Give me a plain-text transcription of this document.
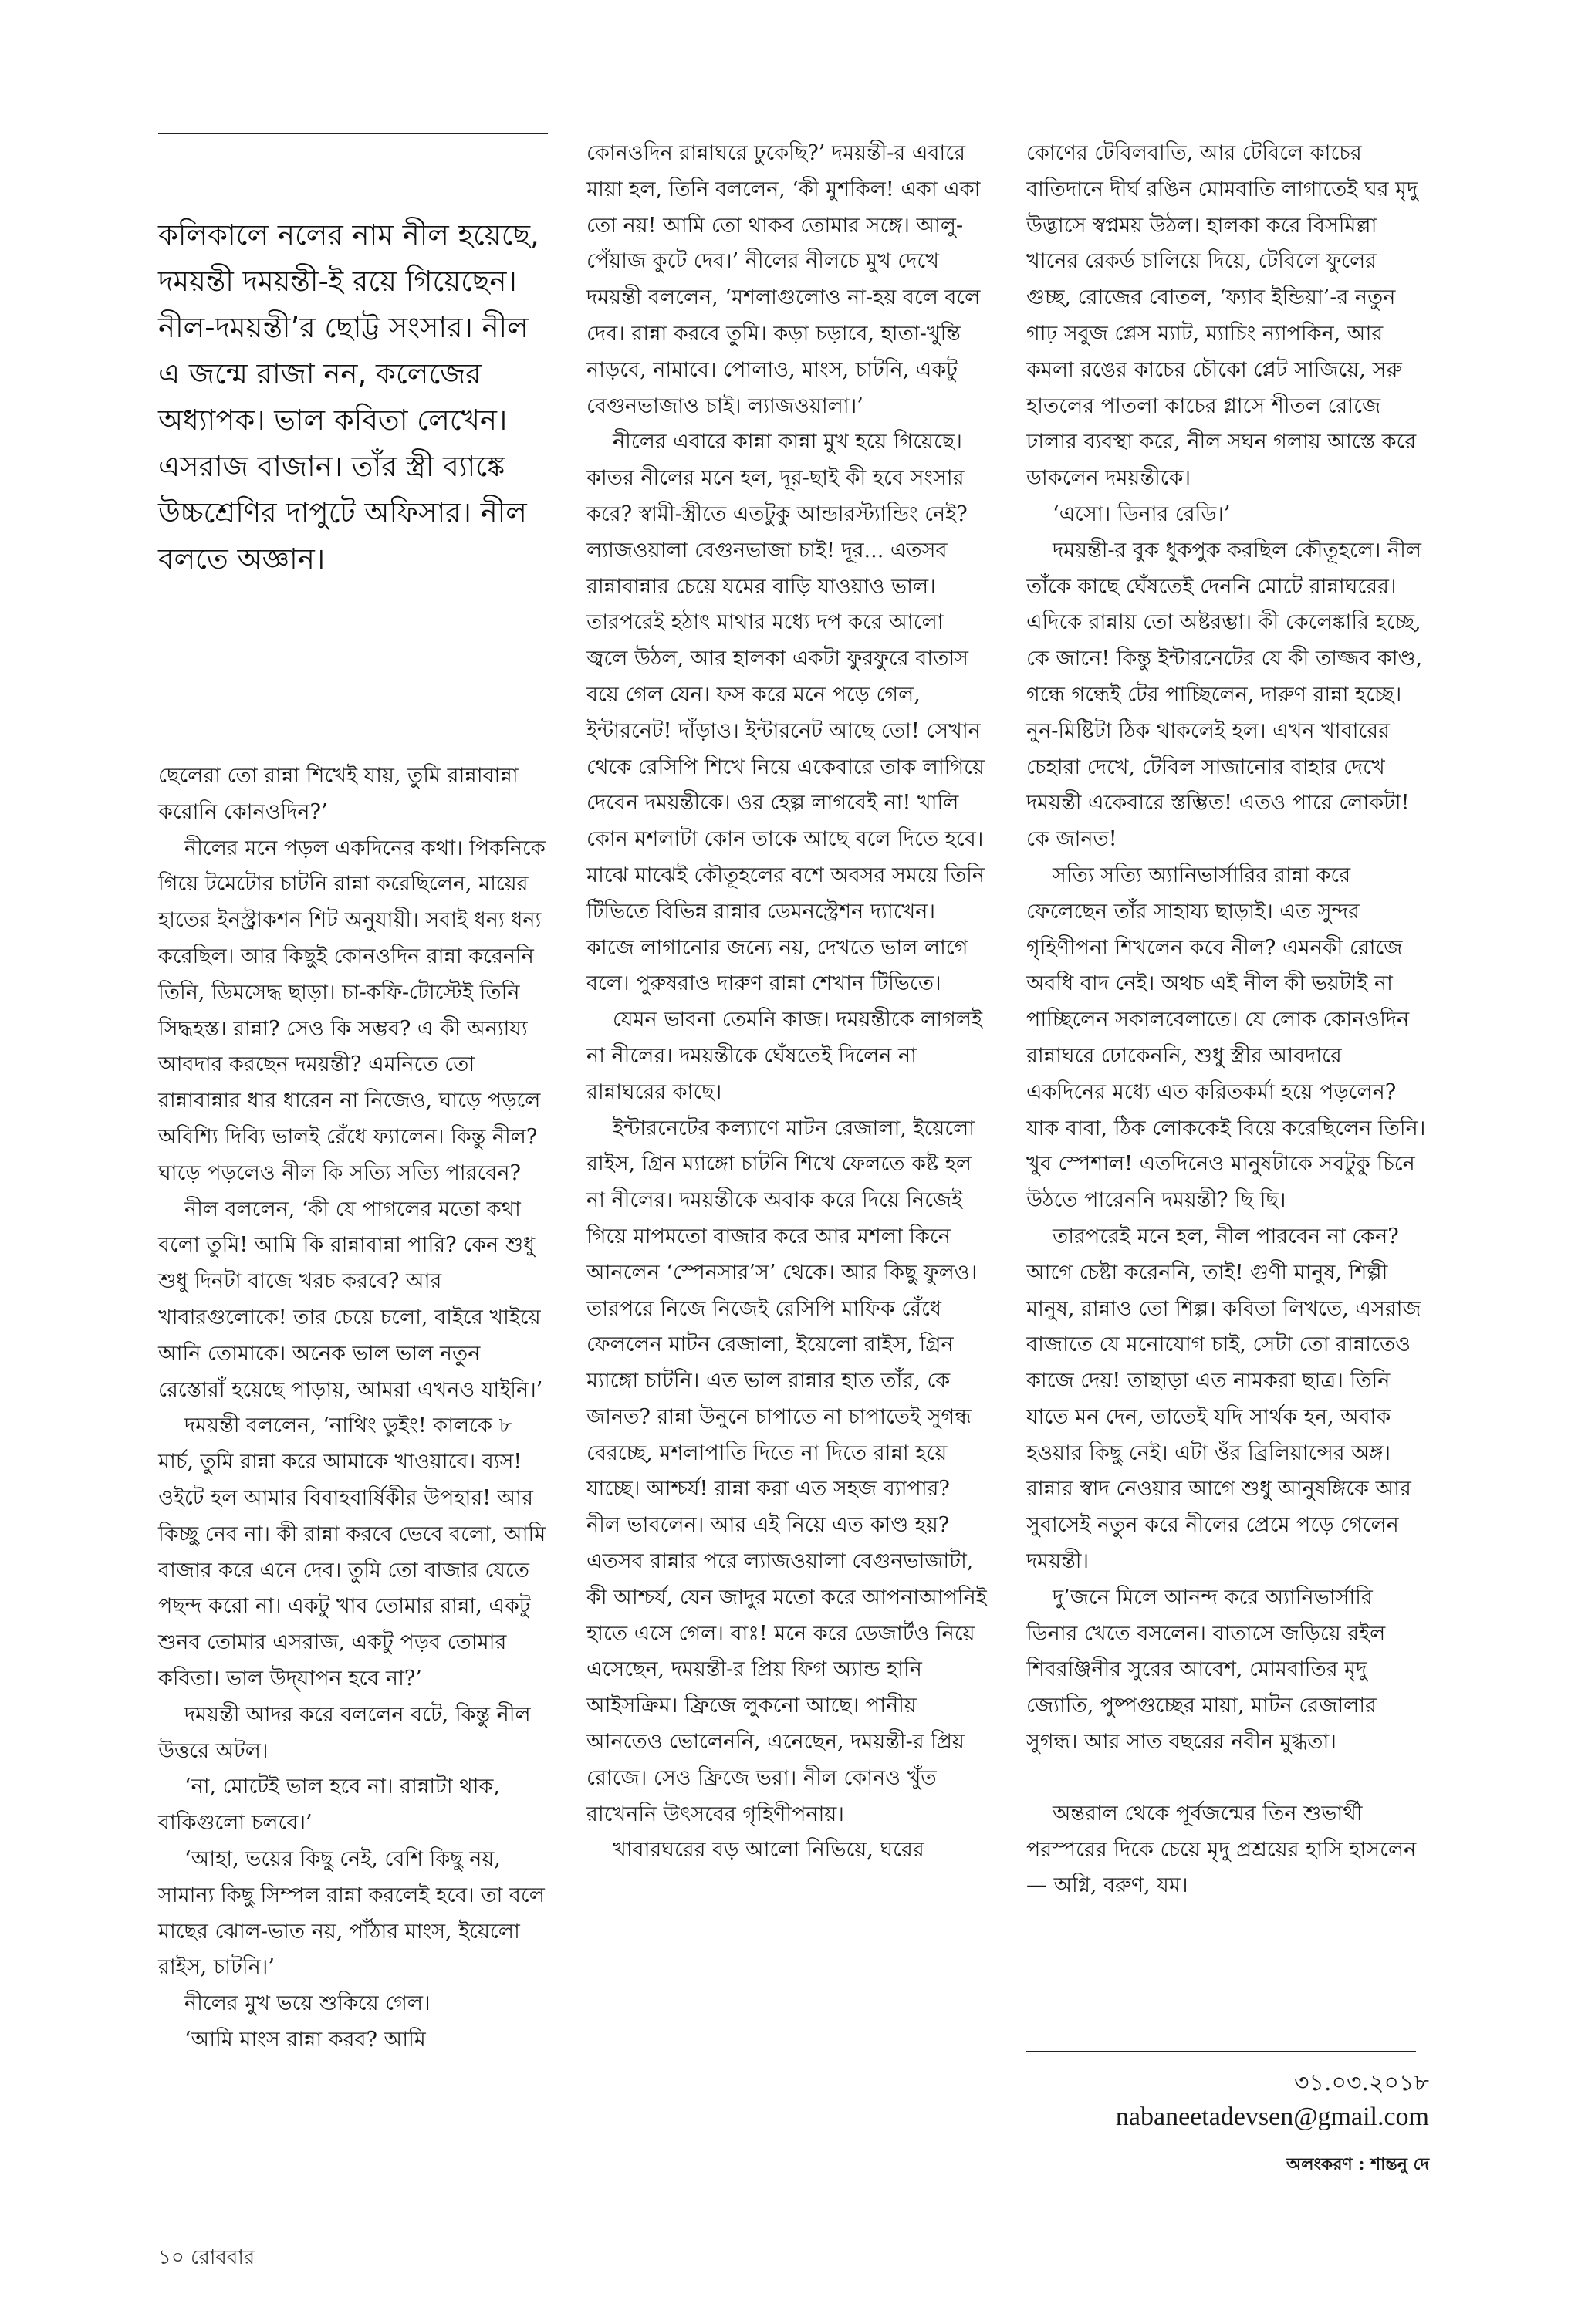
কলিকালে নলের নাম নীল হয়েছে, দময়ন্তী দময়ন্তী-ই রয়ে গিয়েছেন। নীল-দময়ন্তী’র ছোট্ট সংসার। নীল এ জন্মে রাজা নন, কলেজের অধ্যাপক। ভাল কবিতা লেখেন। এসরাজ বাজান। তাঁর স্ত্রী ব্যাঙ্কে উচ্চশ্রেণির দাপুটে অফিসার। নীল বলতে অজ্ঞান।

ছেলেরা তো রান্না শিখেই যায়, তুমি রান্নাবান্না করোনি কোনওদিন?’

নীলের মনে পড়ল একদিনের কথা। পিকনিকে গিয়ে টমেটোর চাটনি রান্না করেছিলেন, মায়ের হাতের ইনস্ট্রাকশন শিট অনুযায়ী। সবাই ধন্য ধন্য করেছিল। আর কিছুই কোনওদিন রান্না করেননি তিনি, ডিমসেদ্ধ ছাড়া। চা-কফি-টোস্টেই তিনি সিদ্ধহস্ত। রান্না? সেও কি সম্ভব? এ কী অন্যায্য আবদার করছেন দময়ন্তী? এমনিতে তো রান্নাবান্নার ধার ধারেন না নিজেও, ঘাড়ে পড়লে অবিশ্যি দিব্যি ভালই রেঁধে ফ্যালেন। কিন্তু নীল? ঘাড়ে পড়লেও নীল কি সত্যি সত্যি পারবেন?

নীল বললেন, ‘কী যে পাগলের মতো কথা বলো তুমি! আমি কি রান্নাবান্না পারি? কেন শুধু শুধু দিনটা বাজে খরচ করবে? আর খাবারগুলোকে! তার চেয়ে চলো, বাইরে খাইয়ে আনি তোমাকে। অনেক ভাল ভাল নতুন রেস্তোরাঁ হয়েছে পাড়ায়, আমরা এখনও যাইনি।’

দময়ন্তী বললেন, ‘নাথিং ডুইং! কালকে ৮ মার্চ, তুমি রান্না করে আমাকে খাওয়াবে। ব্যস! ওইটে হল আমার বিবাহবার্ষিকীর উপহার! আর কিচ্ছু নেব না। কী রান্না করবে ভেবে বলো, আমি বাজার করে এনে দেব। তুমি তো বাজার যেতে পছন্দ করো না। একটু খাব তোমার রান্না, একটু শুনব তোমার এসরাজ, একটু পড়ব তোমার কবিতা। ভাল উদ্‌যাপন হবে না?’

দময়ন্তী আদর করে বললেন বটে, কিন্তু নীল উত্তরে অটল।

‘না, মোটেই ভাল হবে না। রান্নাটা থাক, বাকিগুলো চলবে।’

‘আহা, ভয়ের কিছু নেই, বেশি কিছু নয়, সামান্য কিছু সিম্পল রান্না করলেই হবে। তা বলে মাছের ঝোল-ভাত নয়, পাঁঠার মাংস, ইয়েলো রাইস, চাটনি।’

নীলের মুখ ভয়ে শুকিয়ে গেল।

‘আমি মাংস রান্না করব? আমি

কোনওদিন রান্নাঘরে ঢুকেছি?’ দময়ন্তী-র এবারে মায়া হল, তিনি বললেন, ‘কী মুশকিল! একা একা তো নয়! আমি তো থাকব তোমার সঙ্গে। আলু-পেঁয়াজ কুটে দেব।’ নীলের নীলচে মুখ দেখে দময়ন্তী বললেন, ‘মশলাগুলোও না-হয় বলে বলে দেব। রান্না করবে তুমি। কড়া চড়াবে, হাতা-খুন্তি নাড়বে, নামাবে। পোলাও, মাংস, চাটনি, একটু বেগুনভাজাও চাই। ল্যাজওয়ালা।’

নীলের এবারে কান্না কান্না মুখ হয়ে গিয়েছে। কাতর নীলের মনে হল, দূর-ছাই কী হবে সংসার করে? স্বামী-স্ত্রীতে এতটুকু আন্ডারস্ট্যান্ডিং নেই? ল্যাজওয়ালা বেগুনভাজা চাই! দূর... এতসব রান্নাবান্নার চেয়ে যমের বাড়ি যাওয়াও ভাল। তারপরেই হঠাৎ মাথার মধ্যে দপ করে আলো জ্বলে উঠল, আর হালকা একটা ফুরফুরে বাতাস বয়ে গেল যেন। ফস করে মনে পড়ে গেল, ইন্টারনেট! দাঁড়াও। ইন্টারনেট আছে তো! সেখান থেকে রেসিপি শিখে নিয়ে একেবারে তাক লাগিয়ে দেবেন দময়ন্তীকে। ওর হেল্প লাগবেই না! খালি কোন মশলাটা কোন তাকে আছে বলে দিতে হবে। মাঝে মাঝেই কৌতূহলের বশে অবসর সময়ে তিনি টিভিতে বিভিন্ন রান্নার ডেমনস্ট্রেশন দ্যাখেন। কাজে লাগানোর জন্যে নয়, দেখতে ভাল লাগে বলে। পুরুষরাও দারুণ রান্না শেখান টিভিতে।

যেমন ভাবনা তেমনি কাজ। দময়ন্তীকে লাগলই না নীলের। দময়ন্তীকে ঘেঁষতেই দিলেন না রান্নাঘরের কাছে।

ইন্টারনেটের কল্যাণে মাটন রেজালা, ইয়েলো রাইস, গ্রিন ম্যাঙ্গো চাটনি শিখে ফেলতে কষ্ট হল না নীলের। দময়ন্তীকে অবাক করে দিয়ে নিজেই গিয়ে মাপমতো বাজার করে আর মশলা কিনে আনলেন ‘স্পেনসার’স’ থেকে। আর কিছু ফুলও। তারপরে নিজে নিজেই রেসিপি মাফিক রেঁধে ফেললেন মাটন রেজালা, ইয়েলো রাইস, গ্রিন ম্যাঙ্গো চাটনি। এত ভাল রান্নার হাত তাঁর, কে জানত? রান্না উনুনে চাপাতে না চাপাতেই সুগন্ধ বেরচ্ছে, মশলাপাতি দিতে না দিতে রান্না হয়ে যাচ্ছে। আশ্চর্য! রান্না করা এত সহজ ব্যাপার? নীল ভাবলেন। আর এই নিয়ে এত কাণ্ড হয়? এতসব রান্নার পরে ল্যাজওয়ালা বেগুনভাজাটা, কী আশ্চর্য, যেন জাদুর মতো করে আপনাআপনিই হাতে এসে গেল। বাঃ! মনে করে ডেজার্টও নিয়ে এসেছেন, দময়ন্তী-র প্রিয় ফিগ অ্যান্ড হানি আইসক্রিম। ফ্রিজে লুকনো আছে। পানীয় আনতেও ভোলেননি, এনেছেন, দময়ন্তী-র প্রিয় রোজে। সেও ফ্রিজে ভরা। নীল কোনও খুঁত রাখেননি উৎসবের গৃহিণীপনায়।

খাবারঘরের বড় আলো নিভিয়ে, ঘরের

কোণের টেবিলবাতি, আর টেবিলে কাচের বাতিদানে দীর্ঘ রঙিন মোমবাতি লাগাতেই ঘর মৃদু উদ্ভাসে স্বপ্নময় উঠল। হালকা করে বিসমিল্লা খানের রেকর্ড চালিয়ে দিয়ে, টেবিলে ফুলের গুচ্ছ, রোজের বোতল, ‘ফ্যাব ইন্ডিয়া’-র নতুন গাঢ় সবুজ প্লেস ম্যাট, ম্যাচিং ন্যাপকিন, আর কমলা রঙের কাচের চৌকো প্লেট সাজিয়ে, সরু হাতলের পাতলা কাচের গ্লাসে শীতল রোজে ঢালার ব্যবস্থা করে, নীল সঘন গলায় আস্তে করে ডাকলেন দময়ন্তীকে।

‘এসো। ডিনার রেডি।’

দময়ন্তী-র বুক ধুকপুক করছিল কৌতূহলে। নীল তাঁকে কাছে ঘেঁষতেই দেননি মোটে রান্নাঘরের। এদিকে রান্নায় তো অষ্টরম্ভা। কী কেলেঙ্কারি হচ্ছে, কে জানে! কিন্তু ইন্টারনেটের যে কী তাজ্জব কাণ্ড, গন্ধে গন্ধেই টের পাচ্ছিলেন, দারুণ রান্না হচ্ছে। নুন-মিষ্টিটা ঠিক থাকলেই হল। এখন খাবারের চেহারা দেখে, টেবিল সাজানোর বাহার দেখে দময়ন্তী একেবারে স্তম্ভিত! এতও পারে লোকটা! কে জানত!

সত্যি সত্যি অ্যানিভার্সারির রান্না করে ফেলেছেন তাঁর সাহায্য ছাড়াই। এত সুন্দর গৃহিণীপনা শিখলেন কবে নীল? এমনকী রোজে অবধি বাদ নেই। অথচ এই নীল কী ভয়টাই না পাচ্ছিলেন সকালবেলাতে। যে লোক কোনওদিন রান্নাঘরে ঢোকেননি, শুধু স্ত্রীর আবদারে একদিনের মধ্যে এত করিতকর্মা হয়ে পড়লেন? যাক বাবা, ঠিক লোককেই বিয়ে করেছিলেন তিনি। খুব স্পেশাল! এতদিনেও মানুষটাকে সবটুকু চিনে উঠতে পারেননি দময়ন্তী? ছি ছি।

তারপরেই মনে হল, নীল পারবেন না কেন? আগে চেষ্টা করেননি, তাই! গুণী মানুষ, শিল্পী মানুষ, রান্নাও তো শিল্প। কবিতা লিখতে, এসরাজ বাজাতে যে মনোযোগ চাই, সেটা তো রান্নাতেও কাজে দেয়! তাছাড়া এত নামকরা ছাত্র। তিনি যাতে মন দেন, তাতেই যদি সার্থক হন, অবাক হওয়ার কিছু নেই। এটা ওঁর ব্রিলিয়ান্সের অঙ্গ। রান্নার স্বাদ নেওয়ার আগে শুধু আনুষঙ্গিকে আর সুবাসেই নতুন করে নীলের প্রেমে পড়ে গেলেন দময়ন্তী।

দু’জনে মিলে আনন্দ করে অ্যানিভার্সারি ডিনার খেতে বসলেন। বাতাসে জড়িয়ে রইল শিবরঞ্জিনীর সুরের আবেশ, মোমবাতির মৃদু জ্যোতি, পুষ্পগুচ্ছের মায়া, মাটন রেজালার সুগন্ধ। আর সাত বছরের নবীন মুগ্ধতা।

অন্তরাল থেকে পূর্বজন্মের তিন শুভার্থী পরস্পরের দিকে চেয়ে মৃদু প্রশ্রয়ের হাসি হাসলেন— অগ্নি, বরুণ, যম।

৩১.০৩.২০১৮
nabaneetadevsen@gmail.com
অলংকরণ : শান্তনু দে
১০ রোববার
